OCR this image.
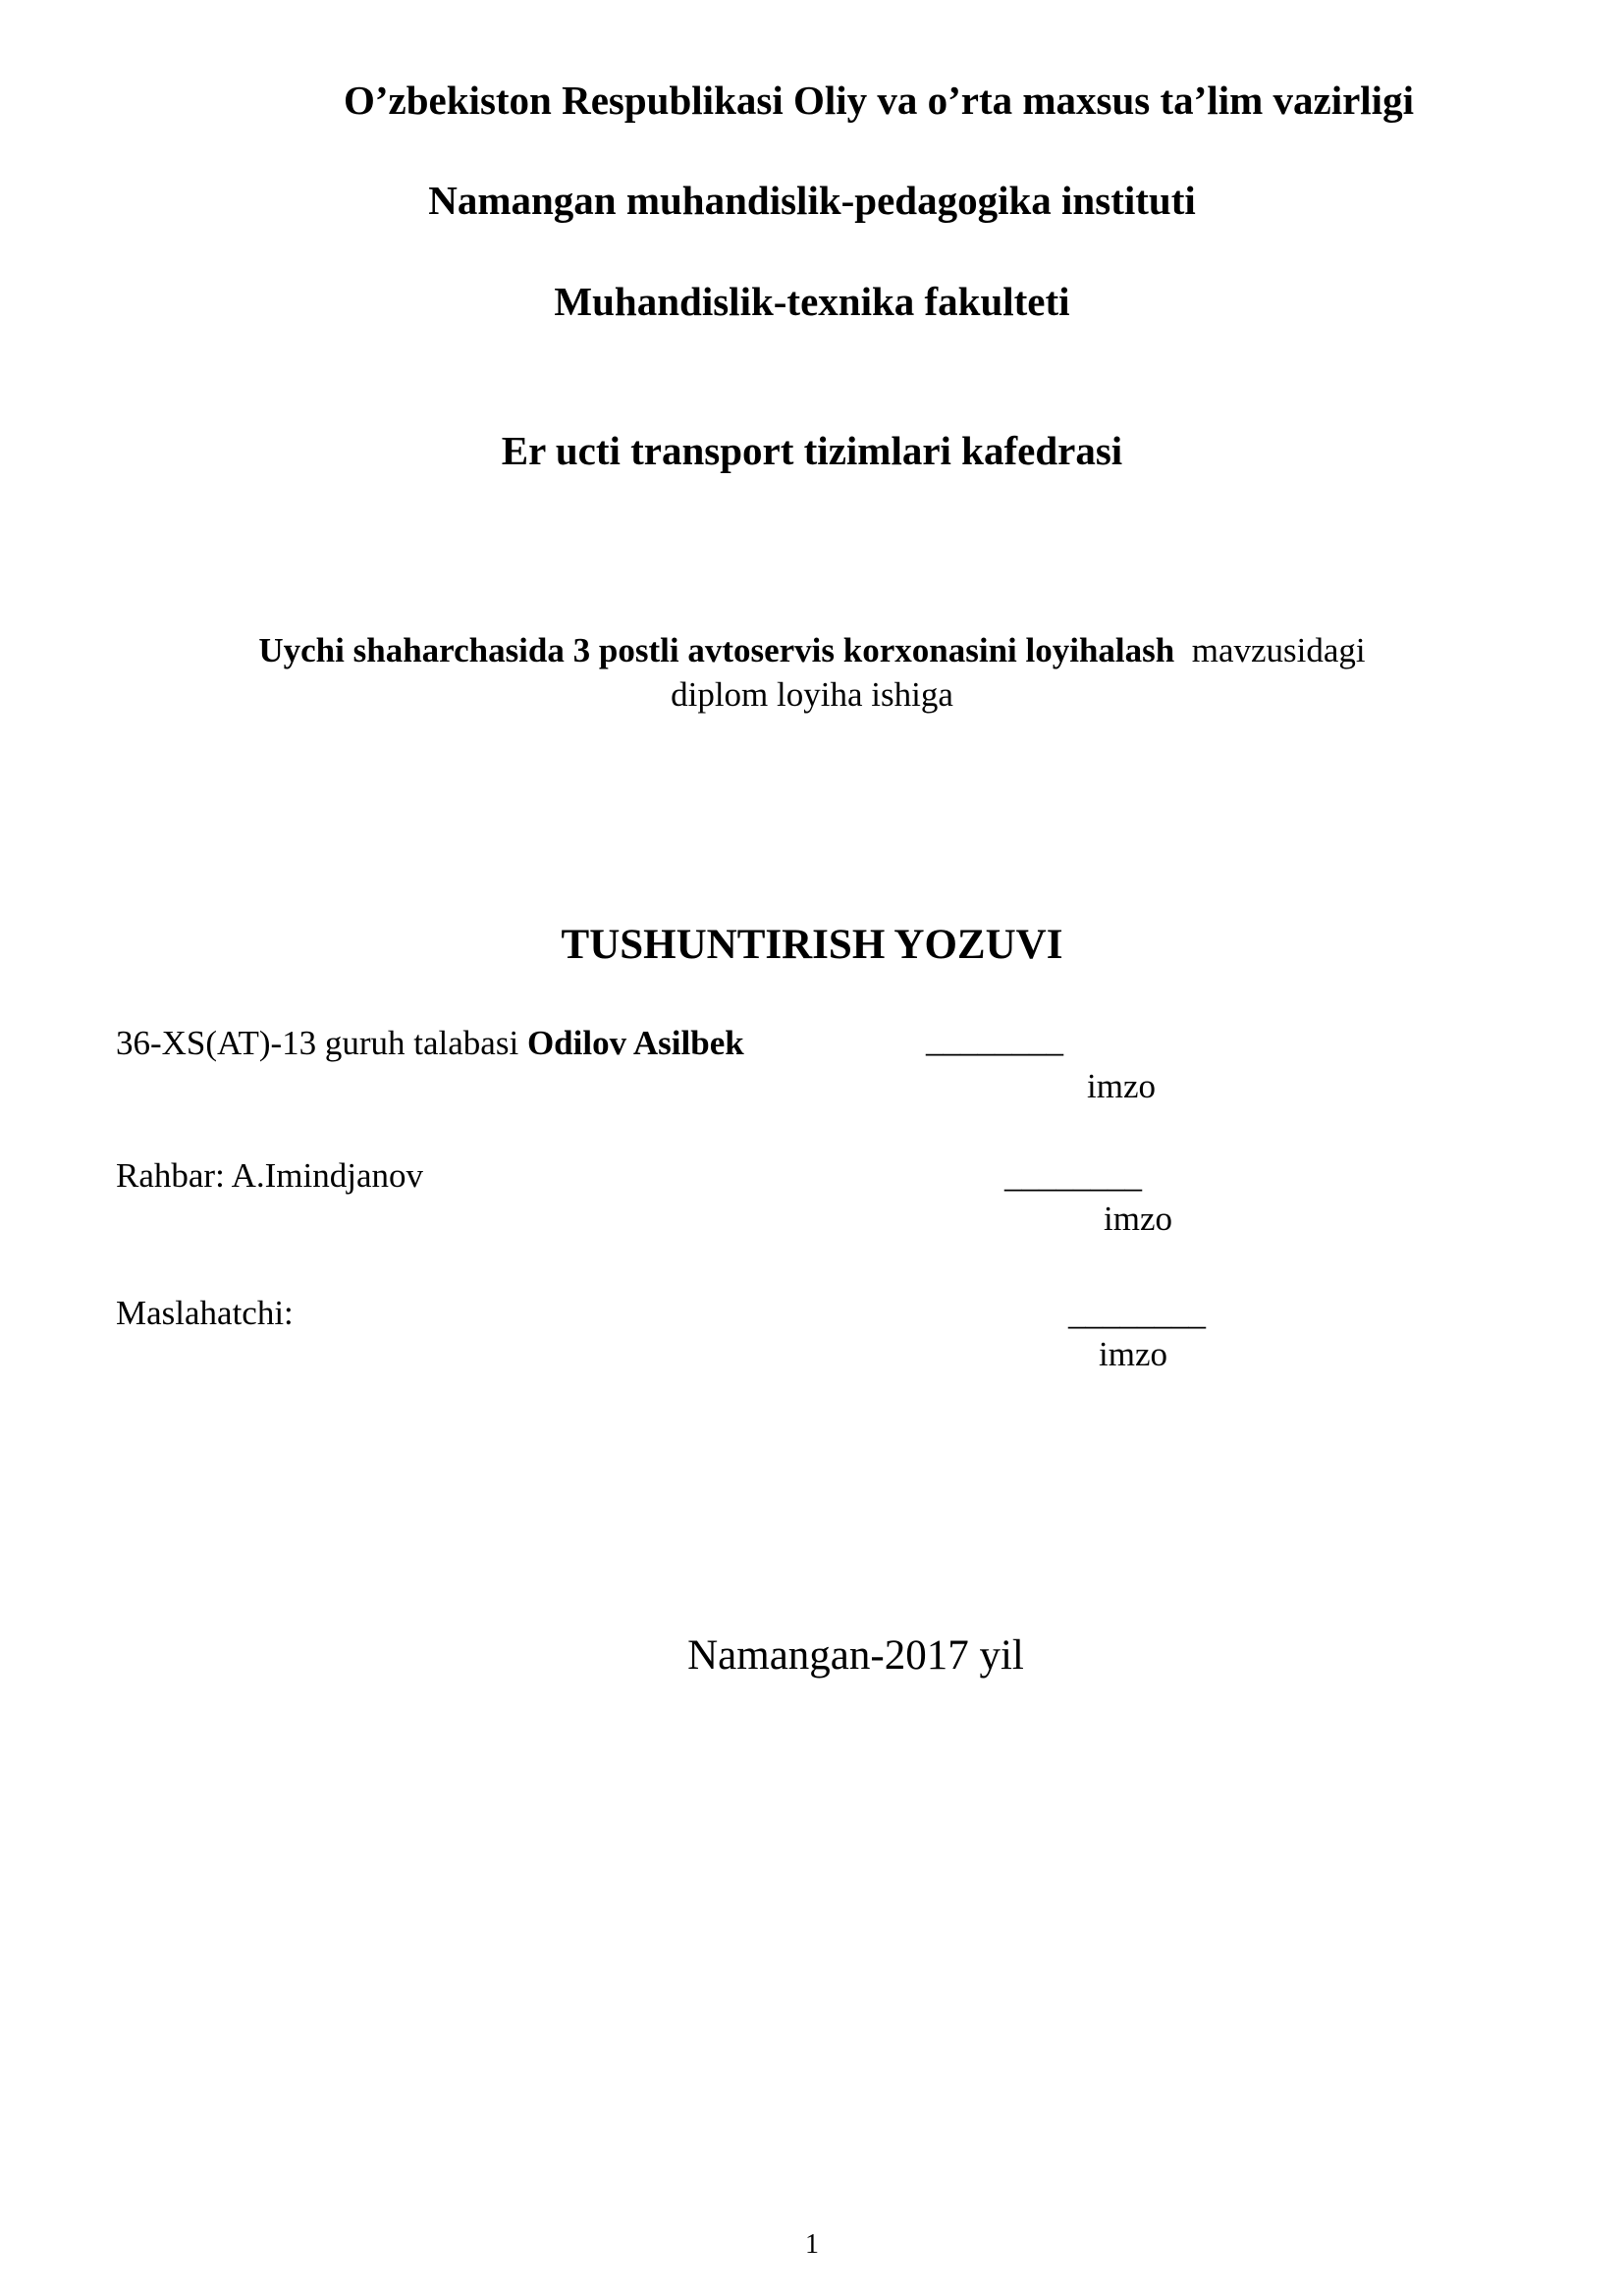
O’zbekiston Respublikasi Oliy va o’rta maxsus ta’lim vazirligi
Namangan muhandislik-pedagogika instituti
Muhandislik-texnika fakulteti
Er ucti transport tizimlari kafedrasi
Uychi shaharchasida 3 postli avtoservis korxonasini loyihalash mavzusidagi
diplom loyiha ishiga
TUSHUNTIRISH YOZUVI
36-XS(AT)-13 guruh talabasi Odilov Asilbek	________
imzo
Rahbar: A.Imindjanov	________
imzo
Maslahatchi:	________
imzo
Namangan-2017 yil
1
